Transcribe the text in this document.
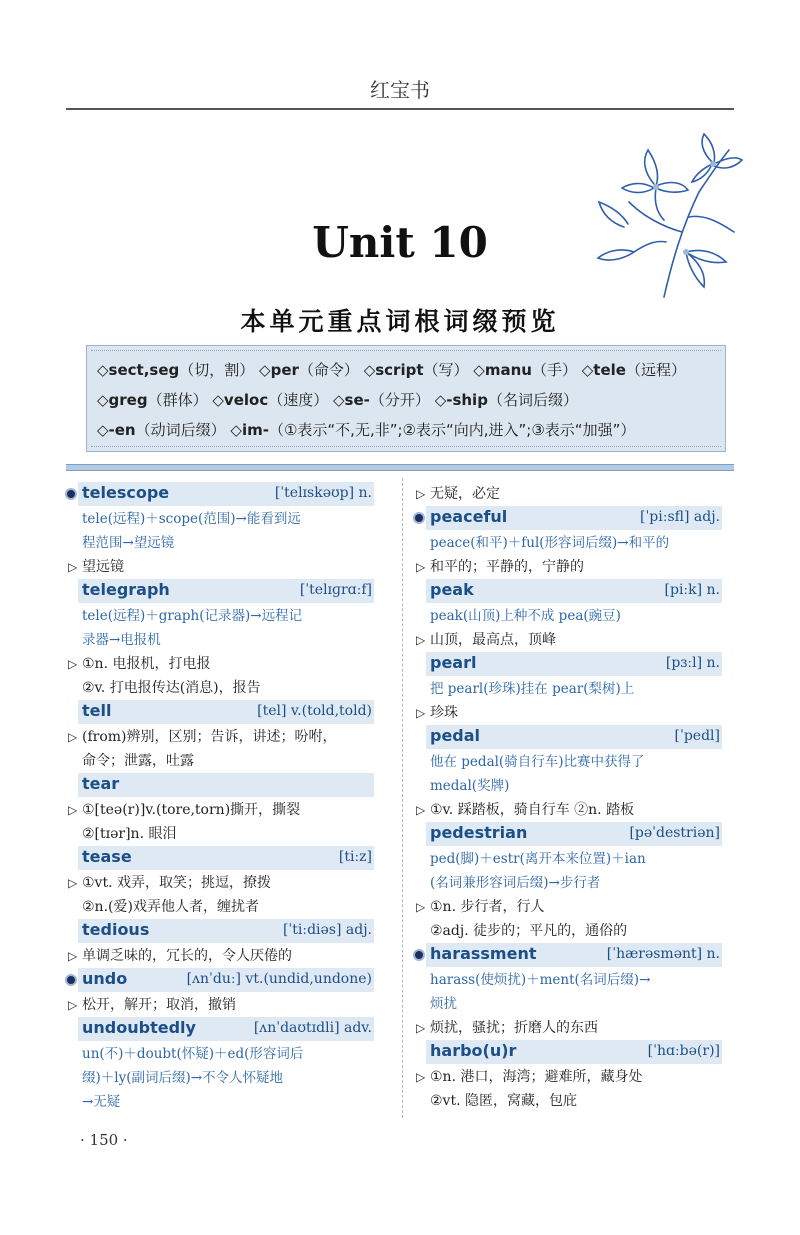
红宝书
Unit 10
本单元重点词根词缀预览
◇sect,seg（切，割） ◇per（命令） ◇script（写） ◇manu（手） ◇tele（远程）
◇greg（群体） ◇veloc（速度） ◇se-（分开） ◇-ship（名词后缀）
◇-en（动词后缀） ◇im-（①表示“不,无,非”;②表示“向内,进入”;③表示“加强”）
telescope	[ˈtelɪskəʊp] n.
tele(远程)＋scope(范围)→能看到远
程范围→望远镜
▷ 望远镜
telegraph	[ˈtelɪɡrɑːf]
tele(远程)＋graph(记录器)→远程记
录器→电报机
▷ ①n. 电报机，打电报
②v. 打电报传达(消息)，报告
tell	[tel] v.(told,told)
▷ (from)辨别，区别；告诉，讲述；吩咐，
命令；泄露，吐露
tear
▷ ①[teə(r)]v.(tore,torn)撕开，撕裂
②[tɪər]n. 眼泪
tease	[tiːz]
▷ ①vt. 戏弄，取笑；挑逗，撩拨
②n.(爱)戏弄他人者，缠扰者
tedious	[ˈtiːdiəs] adj.
▷ 单调乏味的，冗长的，令人厌倦的
undo	[ʌnˈduː] vt.(undid,undone)
▷ 松开，解开；取消，撤销
undoubtedly	[ʌnˈdaʊtɪdli] adv.
un(不)＋doubt(怀疑)＋ed(形容词后
缀)＋ly(副词后缀)→不令人怀疑地
→无疑
▷ 无疑，必定
peaceful	[ˈpiːsfl] adj.
peace(和平)＋ful(形容词后缀)→和平的
▷ 和平的；平静的，宁静的
peak	[piːk] n.
peak(山顶)上种不成 pea(豌豆)
▷ 山顶，最高点，顶峰
pearl	[pɜːl] n.
把 pearl(珍珠)挂在 pear(梨树)上
▷ 珍珠
pedal	[ˈpedl]
他在 pedal(骑自行车)比赛中获得了
medal(奖牌)
▷ ①v. 踩踏板，骑自行车 ②n. 踏板
pedestrian	[pəˈdestriən]
ped(脚)＋estr(离开本来位置)＋ian
(名词兼形容词后缀)→步行者
▷ ①n. 步行者，行人
②adj. 徒步的；平凡的，通俗的
harassment	[ˈhærəsmənt] n.
harass(使烦扰)＋ment(名词后缀)→
烦扰
▷ 烦扰，骚扰；折磨人的东西
harbo(u)r	[ˈhɑːbə(r)]
▷ ①n. 港口，海湾；避难所，藏身处
②vt. 隐匿，窝藏，包庇
· 150 ·
